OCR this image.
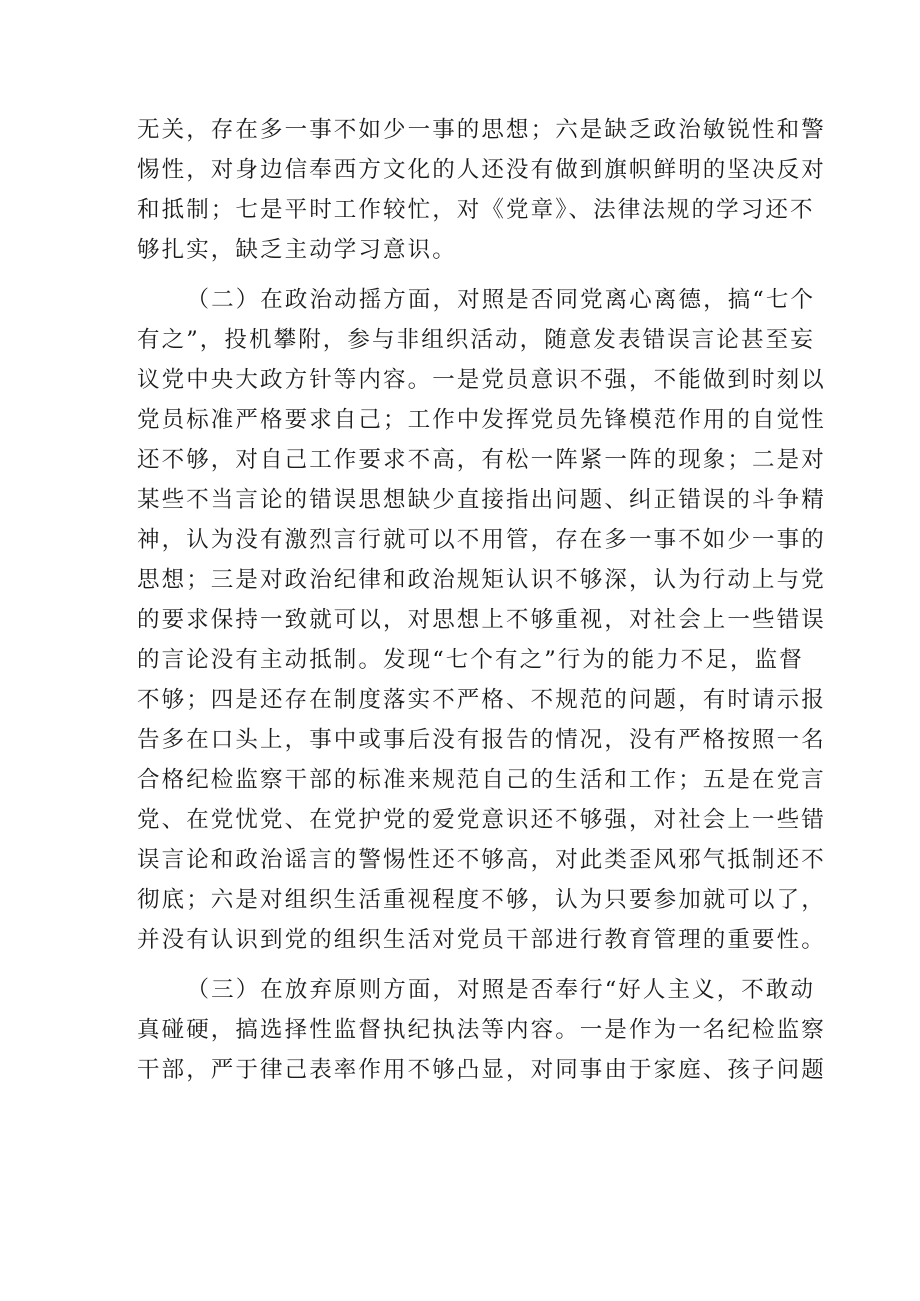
无关，存在多一事不如少一事的思想；六是缺乏政治敏锐性和警
惕性，对身边信奉西方文化的人还没有做到旗帜鲜明的坚决反对
和抵制；七是平时工作较忙，对《党章》、法律法规的学习还不
够扎实，缺乏主动学习意识。
（二）在政治动摇方面，对照是否同党离心离德，搞“七个
有之”，投机攀附，参与非组织活动，随意发表错误言论甚至妄
议党中央大政方针等内容。一是党员意识不强，不能做到时刻以
党员标准严格要求自己；工作中发挥党员先锋模范作用的自觉性
还不够，对自己工作要求不高，有松一阵紧一阵的现象；二是对
某些不当言论的错误思想缺少直接指出问题、纠正错误的斗争精
神，认为没有激烈言行就可以不用管，存在多一事不如少一事的
思想；三是对政治纪律和政治规矩认识不够深，认为行动上与党
的要求保持一致就可以，对思想上不够重视，对社会上一些错误
的言论没有主动抵制。发现“七个有之”行为的能力不足，监督
不够；四是还存在制度落实不严格、不规范的问题，有时请示报
告多在口头上，事中或事后没有报告的情况，没有严格按照一名
合格纪检监察干部的标准来规范自己的生活和工作；五是在党言
党、在党忧党、在党护党的爱党意识还不够强，对社会上一些错
误言论和政治谣言的警惕性还不够高，对此类歪风邪气抵制还不
彻底；六是对组织生活重视程度不够，认为只要参加就可以了，
并没有认识到党的组织生活对党员干部进行教育管理的重要性。
（三）在放弃原则方面，对照是否奉行“好人主义，不敢动
真碰硬，搞选择性监督执纪执法等内容。一是作为一名纪检监察
干部，严于律己表率作用不够凸显，对同事由于家庭、孩子问题
